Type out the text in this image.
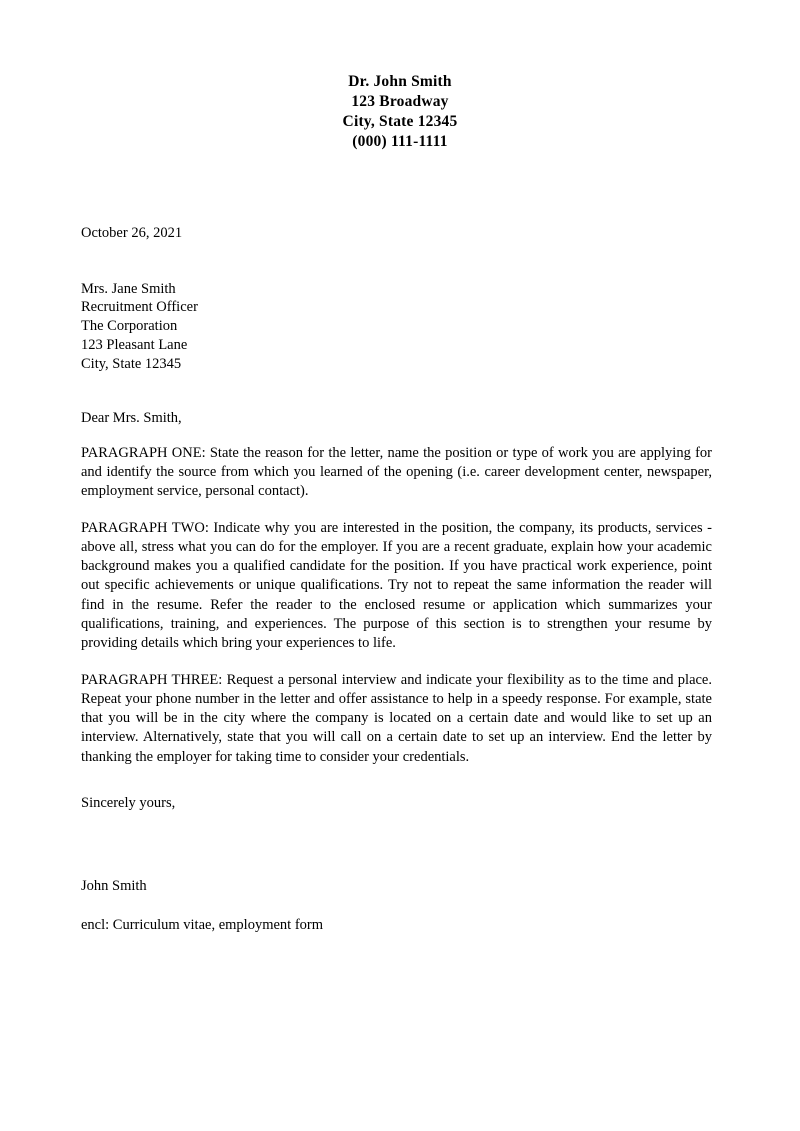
Dr. John Smith
123 Broadway
City, State 12345
(000) 111-1111
October 26, 2021
Mrs. Jane Smith
Recruitment Officer
The Corporation
123 Pleasant Lane
City, State 12345
Dear Mrs. Smith,

PARAGRAPH ONE: State the reason for the letter, name the position or type of work you are applying for and identify the source from which you learned of the opening (i.e. career development center, newspaper, employment service, personal contact).

PARAGRAPH TWO: Indicate why you are interested in the position, the company, its products, services - above all, stress what you can do for the employer. If you are a recent graduate, explain how your academic background makes you a qualified candidate for the position. If you have practical work experience, point out specific achievements or unique qualifications. Try not to repeat the same information the reader will find in the resume. Refer the reader to the enclosed resume or application which summarizes your qualifications, training, and experiences. The purpose of this section is to strengthen your resume by providing details which bring your experiences to life.

PARAGRAPH THREE: Request a personal interview and indicate your flexibility as to the time and place. Repeat your phone number in the letter and offer assistance to help in a speedy response. For example, state that you will be in the city where the company is located on a certain date and would like to set up an interview. Alternatively, state that you will call on a certain date to set up an interview. End the letter by thanking the employer for taking time to consider your credentials.

Sincerely yours,
John Smith
encl: Curriculum vitae, employment form
